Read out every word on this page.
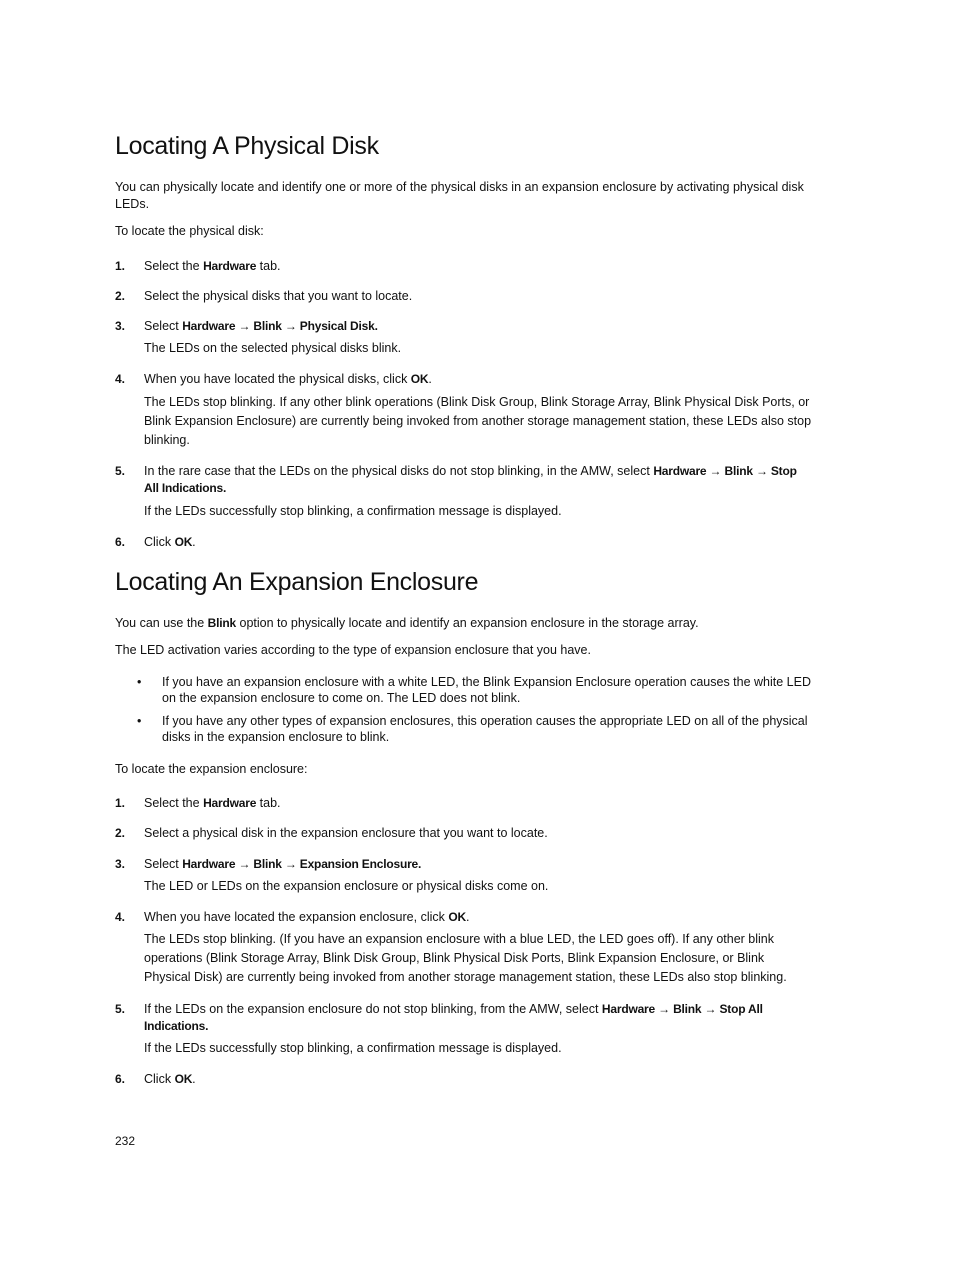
Locating A Physical Disk

You can physically locate and identify one or more of the physical disks in an expansion enclosure by activating physical disk LEDs.

To locate the physical disk:

1. Select the Hardware tab.
2. Select the physical disks that you want to locate.
3. Select Hardware → Blink → Physical Disk.
The LEDs on the selected physical disks blink.
4. When you have located the physical disks, click OK.
The LEDs stop blinking. If any other blink operations (Blink Disk Group, Blink Storage Array, Blink Physical Disk Ports, or Blink Expansion Enclosure) are currently being invoked from another storage management station, these LEDs also stop blinking.
5. In the rare case that the LEDs on the physical disks do not stop blinking, in the AMW, select Hardware → Blink → Stop All Indications.
If the LEDs successfully stop blinking, a confirmation message is displayed.
6. Click OK.
Locating An Expansion Enclosure

You can use the Blink option to physically locate and identify an expansion enclosure in the storage array.

The LED activation varies according to the type of expansion enclosure that you have.

• If you have an expansion enclosure with a white LED, the Blink Expansion Enclosure operation causes the white LED on the expansion enclosure to come on. The LED does not blink.
• If you have any other types of expansion enclosures, this operation causes the appropriate LED on all of the physical disks in the expansion enclosure to blink.

To locate the expansion enclosure:

1. Select the Hardware tab.
2. Select a physical disk in the expansion enclosure that you want to locate.
3. Select Hardware → Blink → Expansion Enclosure.
The LED or LEDs on the expansion enclosure or physical disks come on.
4. When you have located the expansion enclosure, click OK.
The LEDs stop blinking. (If you have an expansion enclosure with a blue LED, the LED goes off). If any other blink operations (Blink Storage Array, Blink Disk Group, Blink Physical Disk Ports, Blink Expansion Enclosure, or Blink Physical Disk) are currently being invoked from another storage management station, these LEDs also stop blinking.
5. If the LEDs on the expansion enclosure do not stop blinking, from the AMW, select Hardware → Blink → Stop All Indications.
If the LEDs successfully stop blinking, a confirmation message is displayed.
6. Click OK.
232
